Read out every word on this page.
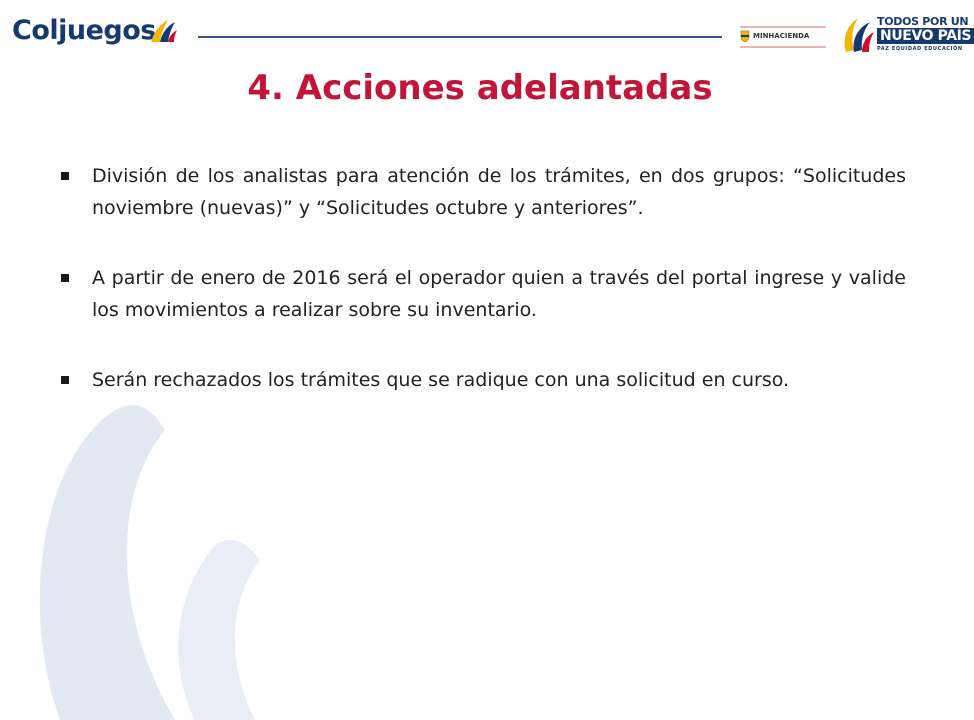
Coljuegos	MINHACIENDA
TODOS POR UN
NUEVO PAÍS
PAZ EQUIDAD EDUCACIÓN
4. Acciones adelantadas
División de los analistas para atención de los trámites, en dos grupos: “Solicitudes noviembre (nuevas)” y “Solicitudes octubre y anteriores”.
A partir de enero de 2016 será el operador quien a través del portal ingrese y valide los movimientos a realizar sobre su inventario.
Serán rechazados los trámites que se radique con una solicitud en curso.
